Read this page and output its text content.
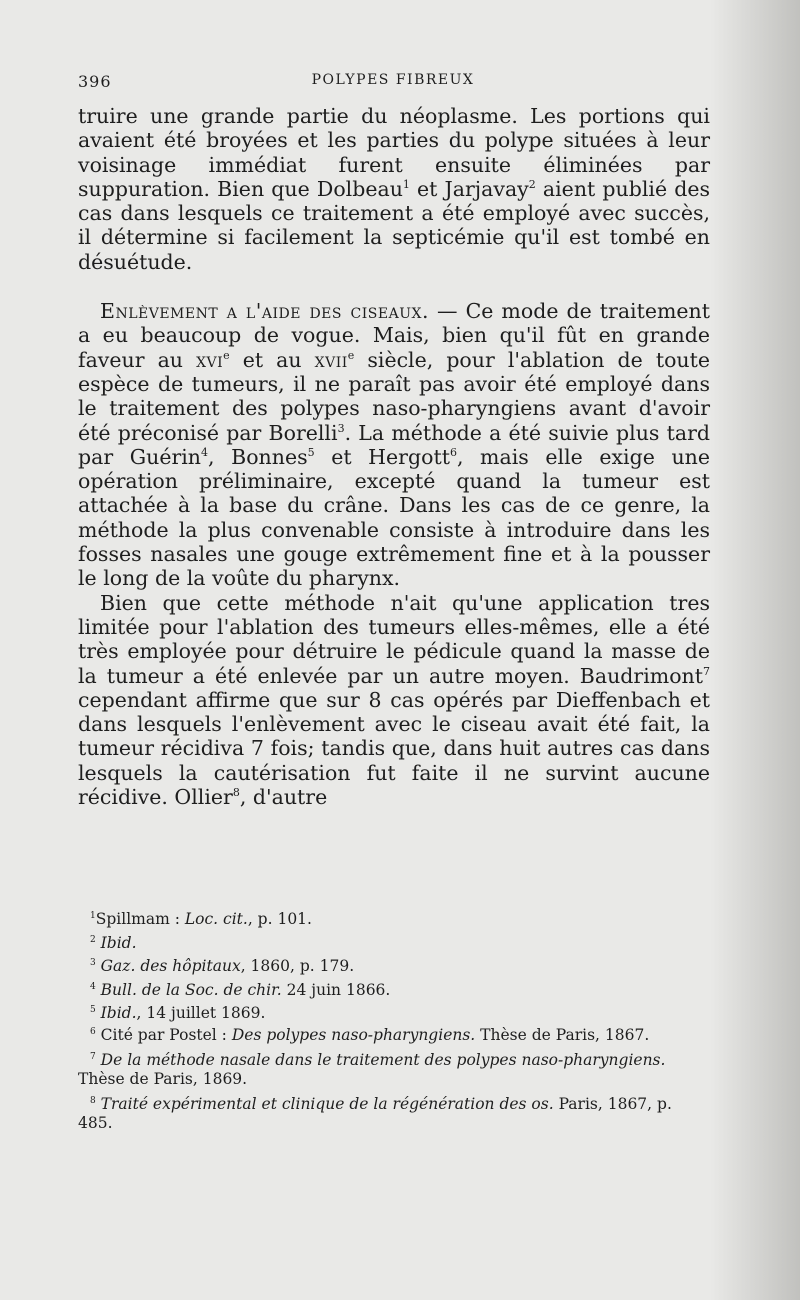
396	POLYPES FIBREUX

truire une grande partie du néoplasme. Les portions qui avaient été broyées et les parties du polype situées à leur voisinage immédiat furent ensuite éliminées par suppuration. Bien que Dolbeau$^1$ et Jarjavay$^2$ aient publié des cas dans lesquels ce traitement a été employé avec succès, il détermine si facilement la septicémie qu'il est tombé en désuétude.

Enlèvement a l'aide des ciseaux. — Ce mode de traitement a eu beaucoup de vogue. Mais, bien qu'il fût en grande faveur au xvi$^e$ et au xvii$^e$ siècle, pour l'ablation de toute espèce de tumeurs, il ne paraît pas avoir été employé dans le traitement des polypes naso-pharyngiens avant d'avoir été préconisé par Borelli$^3$. La méthode a été suivie plus tard par Guérin$^4$, Bonnes$^5$ et Hergott$^6$, mais elle exige une opération préliminaire, excepté quand la tumeur est attachée à la base du crâne. Dans les cas de ce genre, la méthode la plus convenable consiste à introduire dans les fosses nasales une gouge extrêmement fine et à la pousser le long de la voûte du pharynx.

Bien que cette méthode n'ait qu'une application tres limitée pour l'ablation des tumeurs elles-mêmes, elle a été très employée pour détruire le pédicule quand la masse de la tumeur a été enlevée par un autre moyen. Baudrimont$^7$ cependant affirme que sur 8 cas opérés par Dieffenbach et dans lesquels l'enlèvement avec le ciseau avait été fait, la tumeur récidiva 7 fois; tandis que, dans huit autres cas dans lesquels la cautérisation fut faite il ne survint aucune récidive. Ollier$^8$, d'autre

$^1$Spillmam : Loc. cit., p. 101.

$^2$ Ibid.

$^3$ Gaz. des hôpitaux, 1860, p. 179.

$^4$ Bull. de la Soc. de chir. 24 juin 1866.

$^5$ Ibid., 14 juillet 1869.

$^6$ Cité par Postel : Des polypes naso-pharyngiens. Thèse de Paris, 1867.

$^7$ De la méthode nasale dans le traitement des polypes naso-pharyngiens. Thèse de Paris, 1869.

$^8$ Traité expérimental et clinique de la régénération des os. Paris, 1867, p. 485.
